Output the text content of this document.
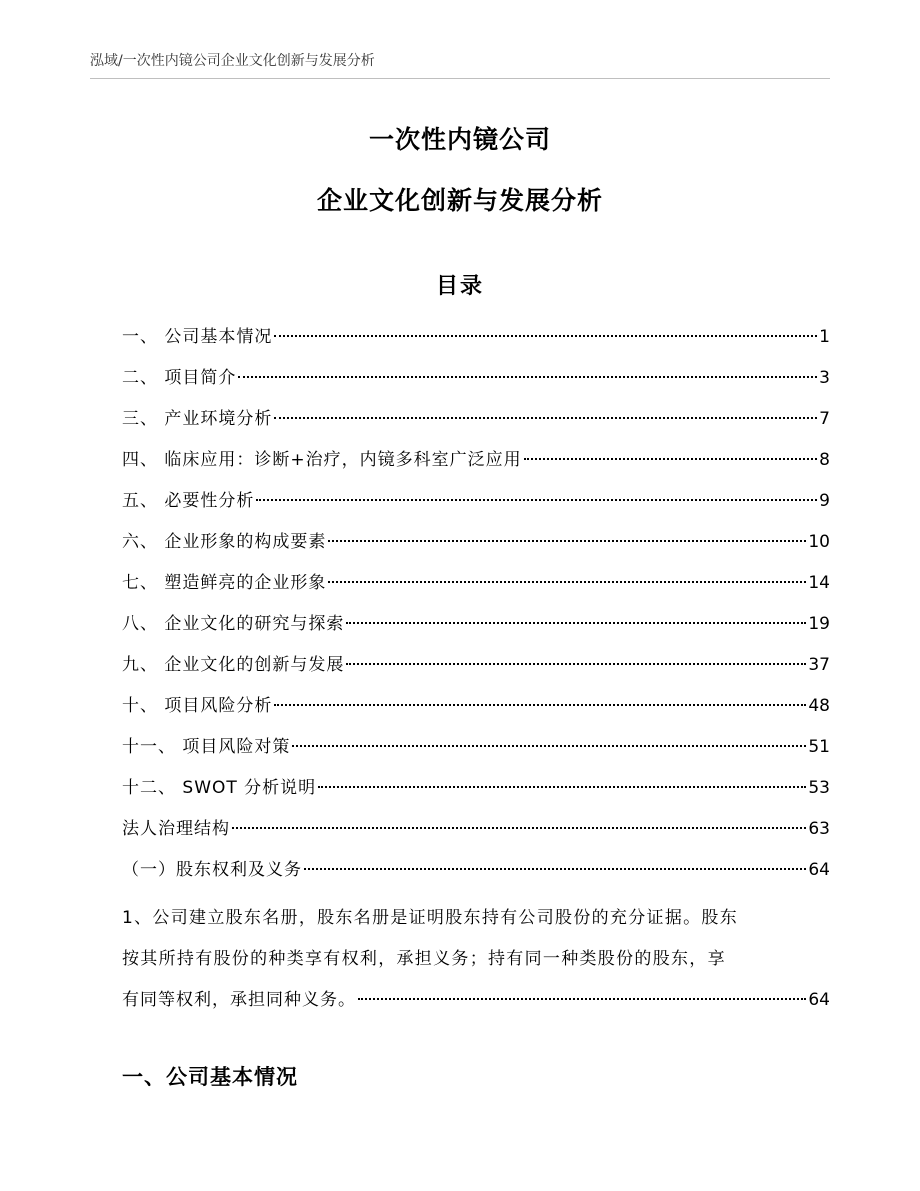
泓域/一次性内镜公司企业文化创新与发展分析
一次性内镜公司
企业文化创新与发展分析
目录
一、 公司基本情况	1
二、 项目简介	3
三、 产业环境分析	7
四、 临床应用：诊断+治疗，内镜多科室广泛应用	8
五、 必要性分析	9
六、 企业形象的构成要素	10
七、 塑造鲜亮的企业形象	14
八、 企业文化的研究与探索	19
九、 企业文化的创新与发展	37
十、 项目风险分析	48
十一、 项目风险对策	51
十二、 SWOT 分析说明	53
法人治理结构	63
（一）股东权利及义务	64
1、公司建立股东名册，股东名册是证明股东持有公司股份的充分证据。股东
按其所持有股份的种类享有权利，承担义务；持有同一种类股份的股东，享
有同等权利，承担同种义务。	64
一、公司基本情况
